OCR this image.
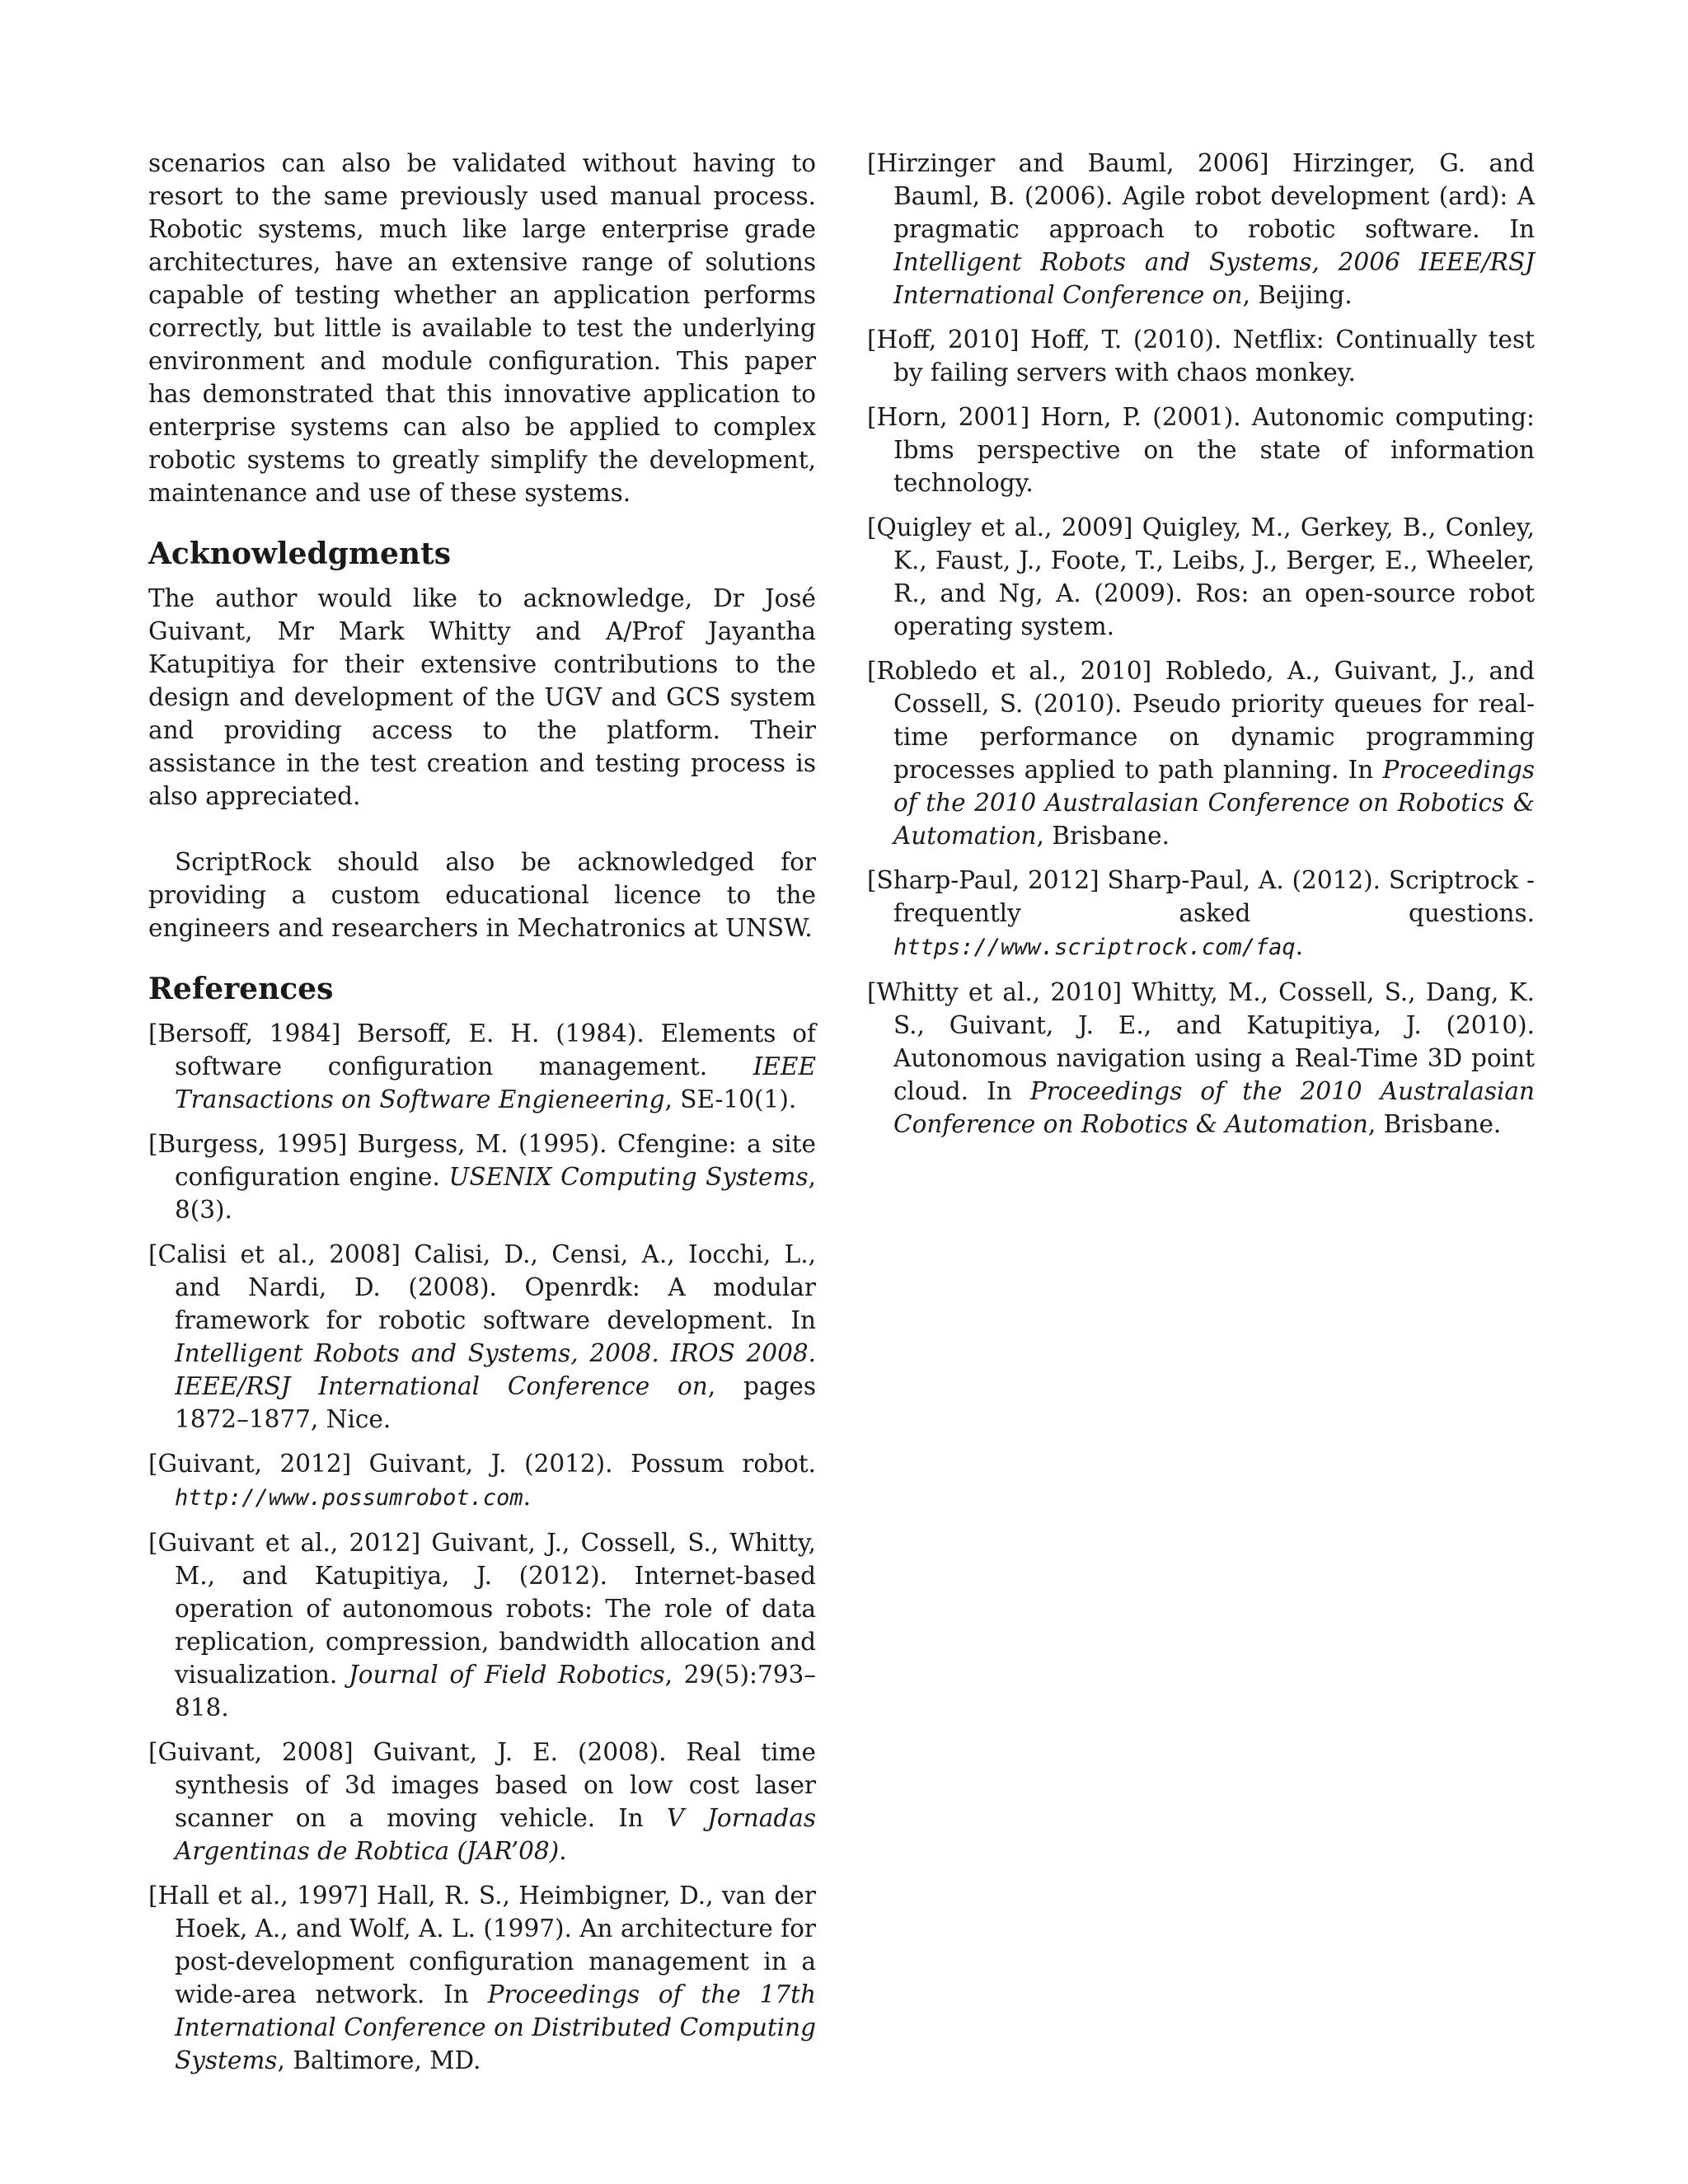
scenarios can also be validated without having to resort to the same previously used manual process. Robotic systems, much like large enterprise grade architectures, have an extensive range of solutions capable of testing whether an application performs correctly, but little is available to test the underlying environment and module configuration. This paper has demonstrated that this innovative application to enterprise systems can also be applied to complex robotic systems to greatly simplify the development, maintenance and use of these systems.

Acknowledgments

The author would like to acknowledge, Dr José Guivant, Mr Mark Whitty and A/Prof Jayantha Katupitiya for their extensive contributions to the design and development of the UGV and GCS system and providing access to the platform. Their assistance in the test creation and testing process is also appreciated.

ScriptRock should also be acknowledged for providing a custom educational licence to the engineers and researchers in Mechatronics at UNSW.

References

[Bersoff, 1984] Bersoff, E. H. (1984). Elements of software configuration management. IEEE Transactions on Software Engieneering, SE-10(1).

[Burgess, 1995] Burgess, M. (1995). Cfengine: a site configuration engine. USENIX Computing Systems, 8(3).

[Calisi et al., 2008] Calisi, D., Censi, A., Iocchi, L., and Nardi, D. (2008). Openrdk: A modular framework for robotic software development. In Intelligent Robots and Systems, 2008. IROS 2008. IEEE/RSJ International Conference on, pages 1872–1877, Nice.

[Guivant, 2012] Guivant, J. (2012). Possum robot. http://www.possumrobot.com.

[Guivant et al., 2012] Guivant, J., Cossell, S., Whitty, M., and Katupitiya, J. (2012). Internet-based operation of autonomous robots: The role of data replication, compression, bandwidth allocation and visualization. Journal of Field Robotics, 29(5):793–818.

[Guivant, 2008] Guivant, J. E. (2008). Real time synthesis of 3d images based on low cost laser scanner on a moving vehicle. In V Jornadas Argentinas de Robtica (JAR’08).

[Hall et al., 1997] Hall, R. S., Heimbigner, D., van der Hoek, A., and Wolf, A. L. (1997). An architecture for post-development configuration management in a wide-area network. In Proceedings of the 17th International Conference on Distributed Computing Systems, Baltimore, MD.

[Hirzinger and Bauml, 2006] Hirzinger, G. and Bauml, B. (2006). Agile robot development (ard): A pragmatic approach to robotic software. In Intelligent Robots and Systems, 2006 IEEE/RSJ International Conference on, Beijing.

[Hoff, 2010] Hoff, T. (2010). Netflix: Continually test by failing servers with chaos monkey.

[Horn, 2001] Horn, P. (2001). Autonomic computing: Ibms perspective on the state of information technology.

[Quigley et al., 2009] Quigley, M., Gerkey, B., Conley, K., Faust, J., Foote, T., Leibs, J., Berger, E., Wheeler, R., and Ng, A. (2009). Ros: an open-source robot operating system.

[Robledo et al., 2010] Robledo, A., Guivant, J., and Cossell, S. (2010). Pseudo priority queues for real-time performance on dynamic programming processes applied to path planning. In Proceedings of the 2010 Australasian Conference on Robotics & Automation, Brisbane.

[Sharp-Paul, 2012] Sharp-Paul, A. (2012). Scriptrock - frequently asked questions. https://www.scriptrock.com/faq.

[Whitty et al., 2010] Whitty, M., Cossell, S., Dang, K. S., Guivant, J. E., and Katupitiya, J. (2010). Autonomous navigation using a Real-Time 3D point cloud. In Proceedings of the 2010 Australasian Conference on Robotics & Automation, Brisbane.
